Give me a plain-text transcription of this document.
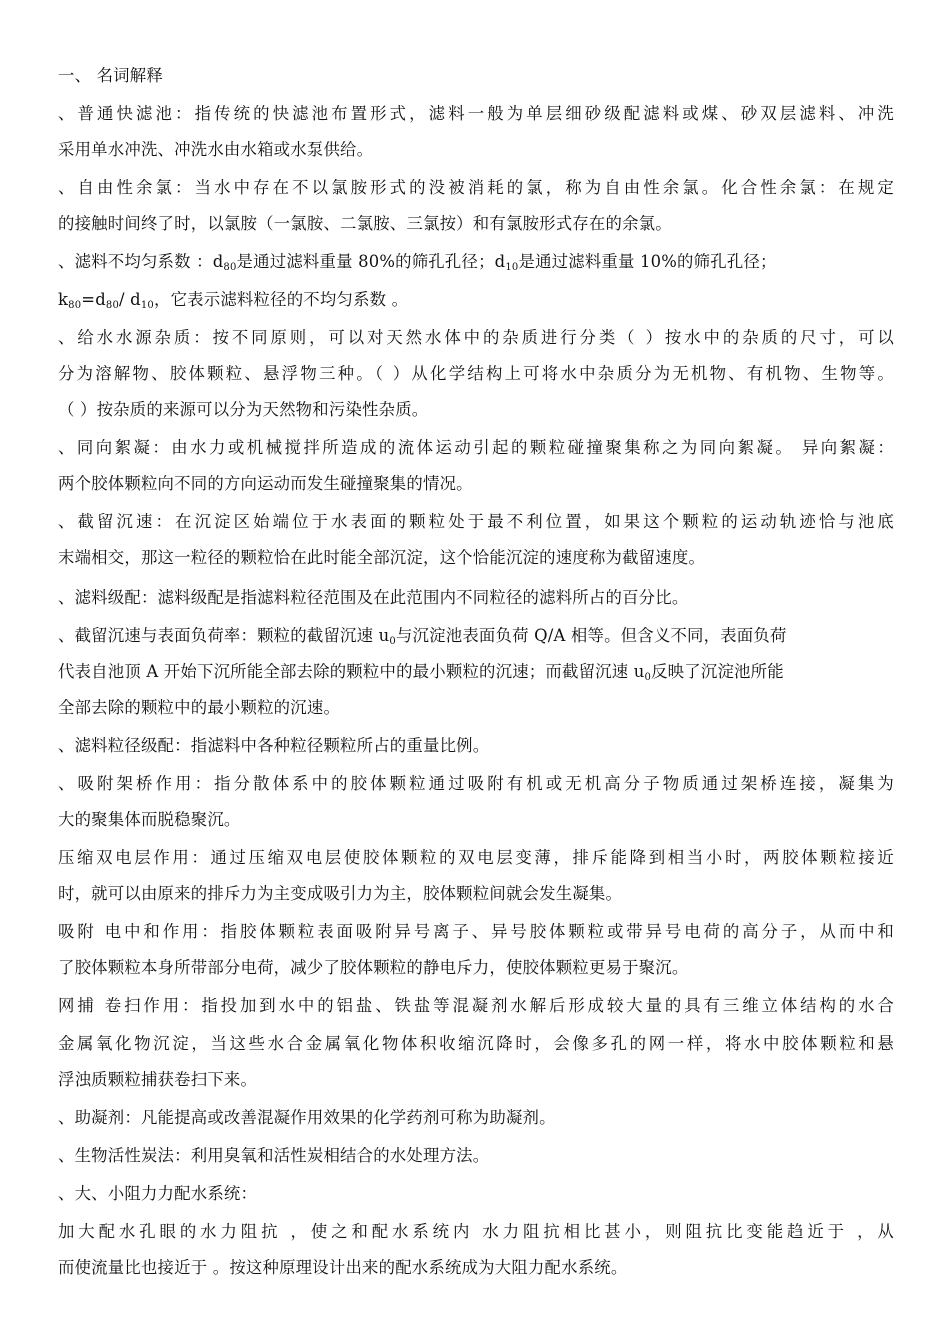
一、 名词解释
、普通快滤池：指传统的快滤池布置形式，滤料一般为单层细砂级配滤料或煤、砂双层滤料、冲洗
采用单水冲洗、冲洗水由水箱或水泵供给。
、自由性余氯：当水中存在不以氯胺形式的没被消耗的氯，称为自由性余氯。化合性余氯：在规定
的接触时间终了时，以氯胺（一氯胺、二氯胺、三氯按）和有氯胺形式存在的余氯。
、滤料不均匀系数 ：$d_{80}$是通过滤料重量 80%的筛孔孔径；$d_{10}$是通过滤料重量 10%的筛孔孔径；
$k_{80}=d_{80}/$ $d_{10}$，它表示滤料粒径的不均匀系数 。
、给水水源杂质：按不同原则，可以对天然水体中的杂质进行分类（ ）按水中的杂质的尺寸，可以
分为溶解物、胶体颗粒、悬浮物三种。（ ）从化学结构上可将水中杂质分为无机物、有机物、生物等。
（ ）按杂质的来源可以分为天然物和污染性杂质。
、同向絮凝：由水力或机械搅拌所造成的流体运动引起的颗粒碰撞聚集称之为同向絮凝。 异向絮凝：
两个胶体颗粒向不同的方向运动而发生碰撞聚集的情况。
、截留沉速：在沉淀区始端位于水表面的颗粒处于最不利位置，如果这个颗粒的运动轨迹恰与池底
末端相交，那这一粒径的颗粒恰在此时能全部沉淀，这个恰能沉淀的速度称为截留速度。
、滤料级配：滤料级配是指滤料粒径范围及在此范围内不同粒径的滤料所占的百分比。
、截留沉速与表面负荷率：颗粒的截留沉速 $u_0$与沉淀池表面负荷 Q/A 相等。但含义不同，表面负荷
代表自池顶 A 开始下沉所能全部去除的颗粒中的最小颗粒的沉速；而截留沉速 $u_0$反映了沉淀池所能
全部去除的颗粒中的最小颗粒的沉速。
、滤料粒径级配：指滤料中各种粒径颗粒所占的重量比例。
、吸附架桥作用：指分散体系中的胶体颗粒通过吸附有机或无机高分子物质通过架桥连接，凝集为
大的聚集体而脱稳聚沉。
压缩双电层作用：通过压缩双电层使胶体颗粒的双电层变薄，排斥能降到相当小时，两胶体颗粒接近
时，就可以由原来的排斥力为主变成吸引力为主，胶体颗粒间就会发生凝集。
吸附 电中和作用：指胶体颗粒表面吸附异号离子、异号胶体颗粒或带异号电荷的高分子，从而中和
了胶体颗粒本身所带部分电荷，减少了胶体颗粒的静电斥力，使胶体颗粒更易于聚沉。
网捕 卷扫作用：指投加到水中的铝盐、铁盐等混凝剂水解后形成较大量的具有三维立体结构的水合
金属氧化物沉淀，当这些水合金属氧化物体积收缩沉降时，会像多孔的网一样，将水中胶体颗粒和悬
浮浊质颗粒捕获卷扫下来。
、助凝剂：凡能提高或改善混凝作用效果的化学药剂可称为助凝剂。
、生物活性炭法：利用臭氧和活性炭相结合的水处理方法。
、大、小阻力力配水系统：
加大配水孔眼的水力阻抗 ，使之和配水系统内 水力阻抗相比甚小，则阻抗比变能趋近于 ，从
而使流量比也接近于 。按这种原理设计出来的配水系统成为大阻力配水系统。
